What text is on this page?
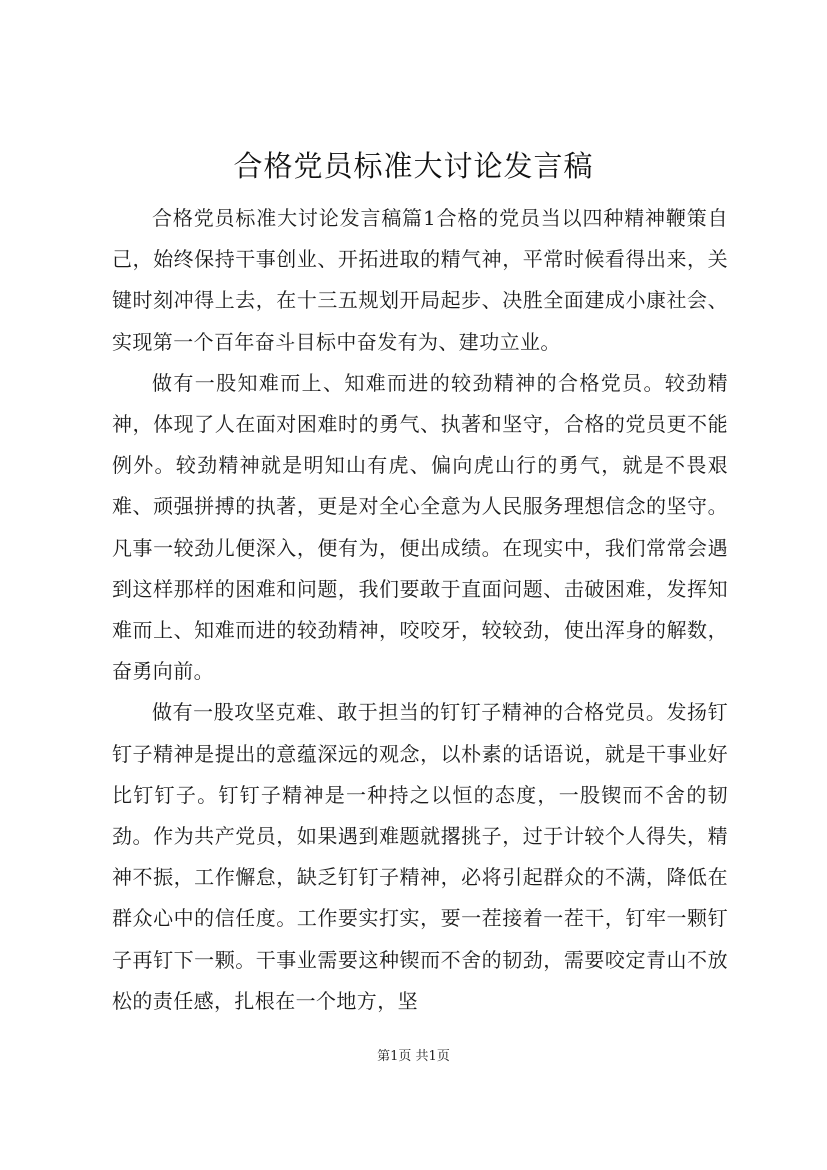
合格党员标准大讨论发言稿

合格党员标准大讨论发言稿篇1合格的党员当以四种精神鞭策自己，始终保持干事创业、开拓进取的精气神，平常时候看得出来，关键时刻冲得上去，在十三五规划开局起步、决胜全面建成小康社会、实现第一个百年奋斗目标中奋发有为、建功立业。

做有一股知难而上、知难而进的较劲精神的合格党员。较劲精神，体现了人在面对困难时的勇气、执著和坚守，合格的党员更不能例外。较劲精神就是明知山有虎、偏向虎山行的勇气，就是不畏艰难、顽强拼搏的执著，更是对全心全意为人民服务理想信念的坚守。凡事一较劲儿便深入，便有为，便出成绩。在现实中，我们常常会遇到这样那样的困难和问题，我们要敢于直面问题、击破困难，发挥知难而上、知难而进的较劲精神，咬咬牙，较较劲，使出浑身的解数，奋勇向前。

做有一股攻坚克难、敢于担当的钉钉子精神的合格党员。发扬钉钉子精神是提出的意蕴深远的观念，以朴素的话语说，就是干事业好比钉钉子。钉钉子精神是一种持之以恒的态度，一股锲而不舍的韧劲。作为共产党员，如果遇到难题就撂挑子，过于计较个人得失，精神不振，工作懈怠，缺乏钉钉子精神，必将引起群众的不满，降低在群众心中的信任度。工作要实打实，要一茬接着一茬干，钉牢一颗钉子再钉下一颗。干事业需要这种锲而不舍的韧劲，需要咬定青山不放松的责任感，扎根在一个地方，坚

第1页 共1页
